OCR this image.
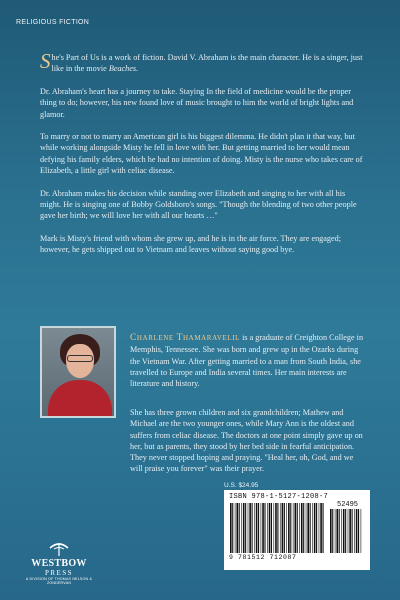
RELIGIOUS FICTION

She's Part of Us is a work of fiction. David V. Abraham is the main character. He is a singer, just like in the movie Beaches.

Dr. Abraham's heart has a journey to take. Staying In the field of medicine would be the proper thing to do; however, his new found love of music brought to him the world of bright lights and glamor.

To marry or not to marry an American girl is his biggest dilemma. He didn't plan it that way, but while working alongside Misty he fell in love with her. But getting married to her would mean defying his family elders, which he had no intention of doing. Misty is the nurse who takes care of Elizabeth, a little girl with celiac disease.

Dr. Abraham makes his decision while standing over Elizabeth and singing to her with all his might. He is singing one of Bobby Goldsboro's songs. "Though the blending of two other people gave her birth; we will love her with all our hearts …"

Mark is Misty's friend with whom she grew up, and he is in the air force. They are engaged; however, he gets shipped out to Vietnam and leaves without saying good bye.

Charlene Thamaravelil is a graduate of Creighton College in Memphis, Tennessee. She was born and grew up in the Ozarks during the Vietnam War. After getting married to a man from South India, she travelled to Europe and India several times. Her main interests are literature and history.
She has three grown children and six grandchildren; Mathew and Michael are the two younger ones, while Mary Ann is the oldest and suffers from celiac disease. The doctors at one point simply gave up on her, but as parents, they stood by her bed side in fearful anticipation. They never stopped hoping and praying. "Heal her, oh, God, and we will praise you forever" was their prayer.
U.S. $24.95
ISBN 978-1-5127-1208-7
52495
9 781512 712087
WESTBOW
PRESS
A DIVISION OF THOMAS NELSON & ZONDERVAN
